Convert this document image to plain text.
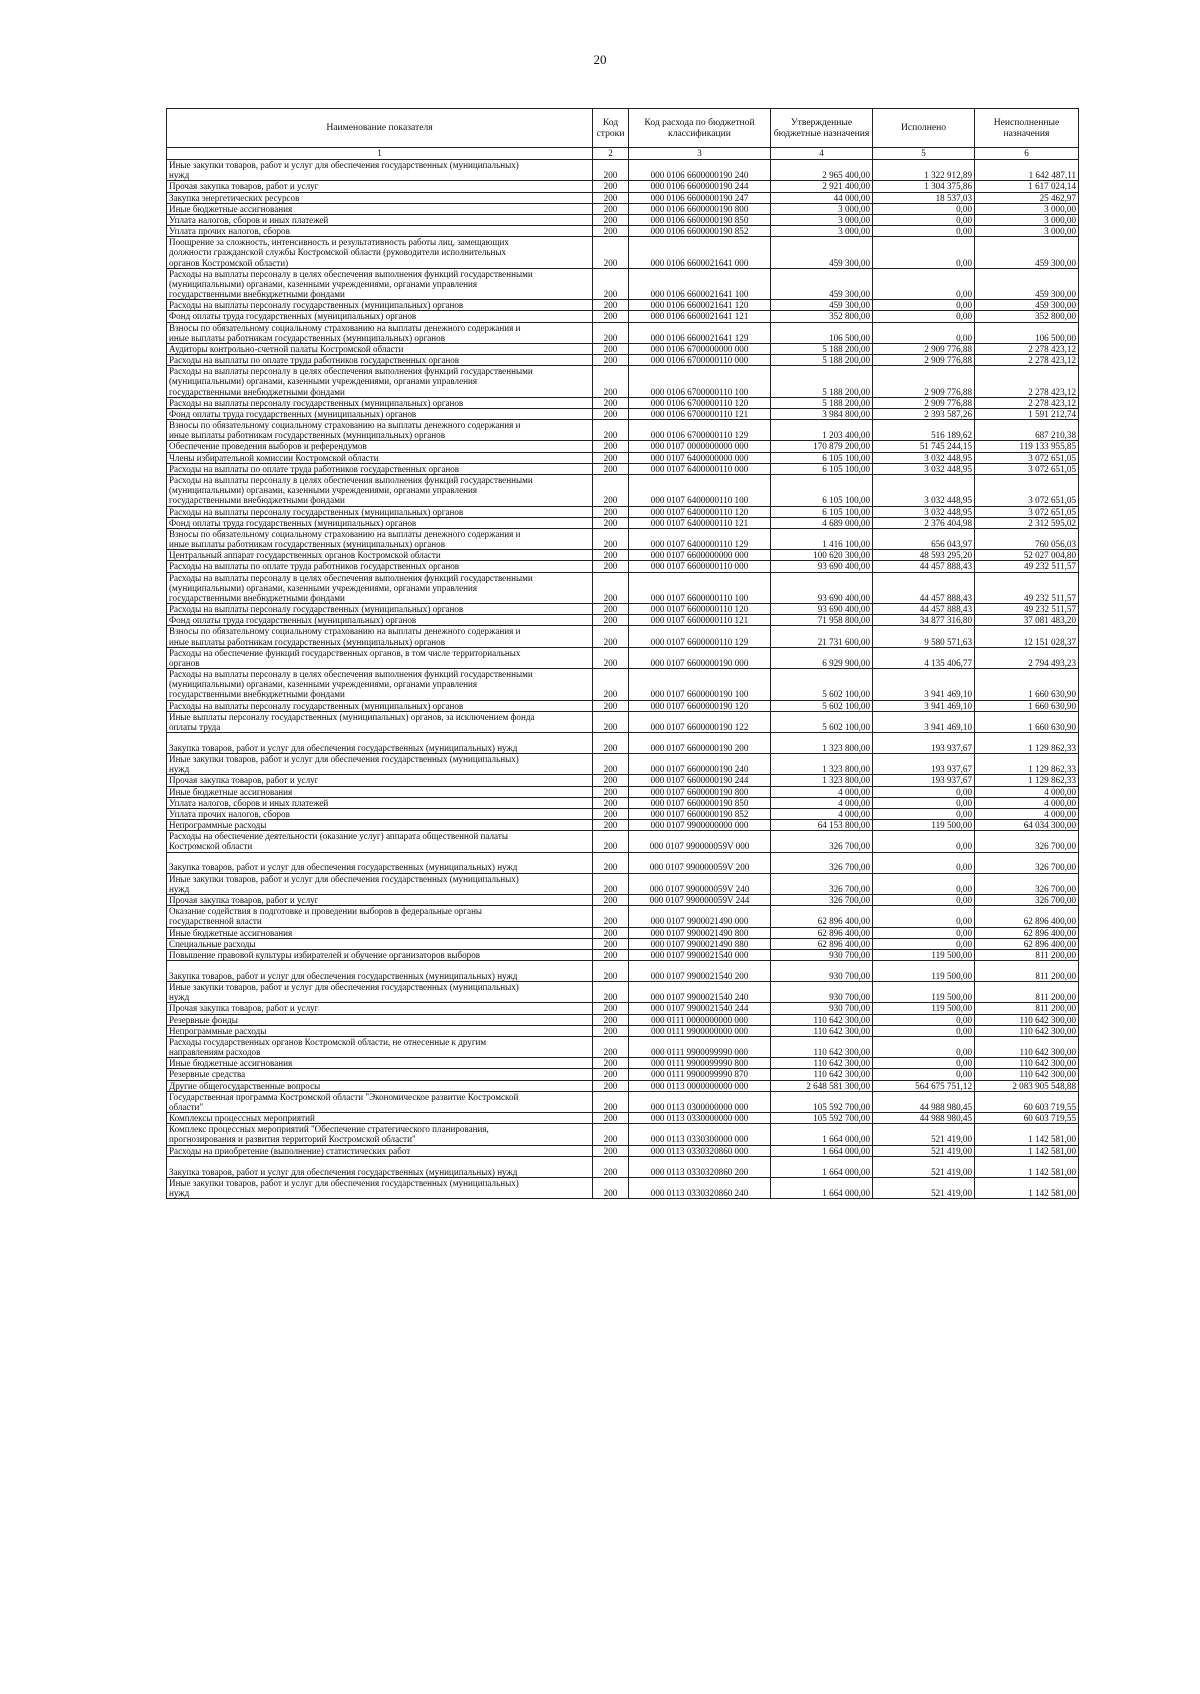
20
Наименование показателя	Код строки	Код расхода по бюджетной классификации	Утвержденные бюджетные назначения	Исполнено	Неисполненные назначения
1	2	3	4	5	6
Иные закупки товаров, работ и услуг для обеспечения государственных (муниципальных)
нужд	200	000 0106 6600000190 240	2 965 400,00	1 322 912,89	1 642 487,11
Прочая закупка товаров, работ и услуг	200	000 0106 6600000190 244	2 921 400,00	1 304 375,86	1 617 024,14
Закупка энергетических ресурсов	200	000 0106 6600000190 247	44 000,00	18 537,03	25 462,97
Иные бюджетные ассигнования	200	000 0106 6600000190 800	3 000,00	0,00	3 000,00
Уплата налогов, сборов и иных платежей	200	000 0106 6600000190 850	3 000,00	0,00	3 000,00
Уплата прочих налогов, сборов	200	000 0106 6600000190 852	3 000,00	0,00	3 000,00
Поощрение за сложность, интенсивность и результативность работы лиц, замещающих
должности гражданской службы Костромской области (руководители исполнительных
органов Костромской области)	200	000 0106 6600021641 000	459 300,00	0,00	459 300,00
Расходы на выплаты персоналу в целях обеспечения выполнения функций государственными
(муниципальными) органами, казенными учреждениями, органами управления
государственными внебюджетными фондами	200	000 0106 6600021641 100	459 300,00	0,00	459 300,00
Расходы на выплаты персоналу государственных (муниципальных) органов	200	000 0106 6600021641 120	459 300,00	0,00	459 300,00
Фонд оплаты труда государственных (муниципальных) органов	200	000 0106 6600021641 121	352 800,00	0,00	352 800,00
Взносы по обязательному социальному страхованию на выплаты денежного содержания и
иные выплаты работникам государственных (муниципальных) органов	200	000 0106 6600021641 129	106 500,00	0,00	106 500,00
Аудиторы контрольно-счетной палаты Костромской области	200	000 0106 6700000000 000	5 188 200,00	2 909 776,88	2 278 423,12
Расходы на выплаты по оплате труда работников государственных органов	200	000 0106 6700000110 000	5 188 200,00	2 909 776,88	2 278 423,12
Расходы на выплаты персоналу в целях обеспечения выполнения функций государственными
(муниципальными) органами, казенными учреждениями, органами управления
государственными внебюджетными фондами	200	000 0106 6700000110 100	5 188 200,00	2 909 776,88	2 278 423,12
Расходы на выплаты персоналу государственных (муниципальных) органов	200	000 0106 6700000110 120	5 188 200,00	2 909 776,88	2 278 423,12
Фонд оплаты труда государственных (муниципальных) органов	200	000 0106 6700000110 121	3 984 800,00	2 393 587,26	1 591 212,74
Взносы по обязательному социальному страхованию на выплаты денежного содержания и
иные выплаты работникам государственных (муниципальных) органов	200	000 0106 6700000110 129	1 203 400,00	516 189,62	687 210,38
Обеспечение проведения выборов и референдумов	200	000 0107 0000000000 000	170 879 200,00	51 745 244,15	119 133 955,85
Члены избирательной комиссии Костромской области	200	000 0107 6400000000 000	6 105 100,00	3 032 448,95	3 072 651,05
Расходы на выплаты по оплате труда работников государственных органов	200	000 0107 6400000110 000	6 105 100,00	3 032 448,95	3 072 651,05
Расходы на выплаты персоналу в целях обеспечения выполнения функций государственными
(муниципальными) органами, казенными учреждениями, органами управления
государственными внебюджетными фондами	200	000 0107 6400000110 100	6 105 100,00	3 032 448,95	3 072 651,05
Расходы на выплаты персоналу государственных (муниципальных) органов	200	000 0107 6400000110 120	6 105 100,00	3 032 448,95	3 072 651,05
Фонд оплаты труда государственных (муниципальных) органов	200	000 0107 6400000110 121	4 689 000,00	2 376 404,98	2 312 595,02
Взносы по обязательному социальному страхованию на выплаты денежного содержания и
иные выплаты работникам государственных (муниципальных) органов	200	000 0107 6400000110 129	1 416 100,00	656 043,97	760 056,03
Центральный аппарат государственных органов Костромской области	200	000 0107 6600000000 000	100 620 300,00	48 593 295,20	52 027 004,80
Расходы на выплаты по оплате труда работников государственных органов	200	000 0107 6600000110 000	93 690 400,00	44 457 888,43	49 232 511,57
Расходы на выплаты персоналу в целях обеспечения выполнения функций государственными
(муниципальными) органами, казенными учреждениями, органами управления
государственными внебюджетными фондами	200	000 0107 6600000110 100	93 690 400,00	44 457 888,43	49 232 511,57
Расходы на выплаты персоналу государственных (муниципальных) органов	200	000 0107 6600000110 120	93 690 400,00	44 457 888,43	49 232 511,57
Фонд оплаты труда государственных (муниципальных) органов	200	000 0107 6600000110 121	71 958 800,00	34 877 316,80	37 081 483,20
Взносы по обязательному социальному страхованию на выплаты денежного содержания и
иные выплаты работникам государственных (муниципальных) органов	200	000 0107 6600000110 129	21 731 600,00	9 580 571,63	12 151 028,37
Расходы на обеспечение функций государственных органов, в том числе территориальных
органов	200	000 0107 6600000190 000	6 929 900,00	4 135 406,77	2 794 493,23
Расходы на выплаты персоналу в целях обеспечения выполнения функций государственными
(муниципальными) органами, казенными учреждениями, органами управления
государственными внебюджетными фондами	200	000 0107 6600000190 100	5 602 100,00	3 941 469,10	1 660 630,90
Расходы на выплаты персоналу государственных (муниципальных) органов	200	000 0107 6600000190 120	5 602 100,00	3 941 469,10	1 660 630,90
Иные выплаты персоналу государственных (муниципальных) органов, за исключением фонда
оплаты труда	200	000 0107 6600000190 122	5 602 100,00	3 941 469,10	1 660 630,90
Закупка товаров, работ и услуг для обеспечения государственных (муниципальных) нужд	200	000 0107 6600000190 200	1 323 800,00	193 937,67	1 129 862,33
Иные закупки товаров, работ и услуг для обеспечения государственных (муниципальных)
нужд	200	000 0107 6600000190 240	1 323 800,00	193 937,67	1 129 862,33
Прочая закупка товаров, работ и услуг	200	000 0107 6600000190 244	1 323 800,00	193 937,67	1 129 862,33
Иные бюджетные ассигнования	200	000 0107 6600000190 800	4 000,00	0,00	4 000,00
Уплата налогов, сборов и иных платежей	200	000 0107 6600000190 850	4 000,00	0,00	4 000,00
Уплата прочих налогов, сборов	200	000 0107 6600000190 852	4 000,00	0,00	4 000,00
Непрограммные расходы	200	000 0107 9900000000 000	64 153 800,00	119 500,00	64 034 300,00
Расходы на обеспечение деятельности (оказание услуг) аппарата общественной палаты
Костромской области	200	000 0107 990000059V 000	326 700,00	0,00	326 700,00
Закупка товаров, работ и услуг для обеспечения государственных (муниципальных) нужд	200	000 0107 990000059V 200	326 700,00	0,00	326 700,00
Иные закупки товаров, работ и услуг для обеспечения государственных (муниципальных)
нужд	200	000 0107 990000059V 240	326 700,00	0,00	326 700,00
Прочая закупка товаров, работ и услуг	200	000 0107 990000059V 244	326 700,00	0,00	326 700,00
Оказание содействия в подготовке и проведении выборов в федеральные органы
государственной власти	200	000 0107 9900021490 000	62 896 400,00	0,00	62 896 400,00
Иные бюджетные ассигнования	200	000 0107 9900021490 800	62 896 400,00	0,00	62 896 400,00
Специальные расходы	200	000 0107 9900021490 880	62 896 400,00	0,00	62 896 400,00
Повышение правовой культуры избирателей и обучение организаторов выборов	200	000 0107 9900021540 000	930 700,00	119 500,00	811 200,00
Закупка товаров, работ и услуг для обеспечения государственных (муниципальных) нужд	200	000 0107 9900021540 200	930 700,00	119 500,00	811 200,00
Иные закупки товаров, работ и услуг для обеспечения государственных (муниципальных)
нужд	200	000 0107 9900021540 240	930 700,00	119 500,00	811 200,00
Прочая закупка товаров, работ и услуг	200	000 0107 9900021540 244	930 700,00	119 500,00	811 200,00
Резервные фонды	200	000 0111 0000000000 000	110 642 300,00	0,00	110 642 300,00
Непрограммные расходы	200	000 0111 9900000000 000	110 642 300,00	0,00	110 642 300,00
Расходы государственных органов Костромской области, не отнесенные к другим
направлениям расходов	200	000 0111 9900099990 000	110 642 300,00	0,00	110 642 300,00
Иные бюджетные ассигнования	200	000 0111 9900099990 800	110 642 300,00	0,00	110 642 300,00
Резервные средства	200	000 0111 9900099990 870	110 642 300,00	0,00	110 642 300,00
Другие общегосударственные вопросы	200	000 0113 0000000000 000	2 648 581 300,00	564 675 751,12	2 083 905 548,88
Государственная программа Костромской области "Экономическое развитие Костромской
области"	200	000 0113 0300000000 000	105 592 700,00	44 988 980,45	60 603 719,55
Комплексы процессных мероприятий	200	000 0113 0330000000 000	105 592 700,00	44 988 980,45	60 603 719,55
Комплекс процессных мероприятий "Обеспечение стратегического планирования,
прогнозирования и развития территорий Костромской области"	200	000 0113 0330300000 000	1 664 000,00	521 419,00	1 142 581,00
Расходы на приобретение (выполнение) статистических работ	200	000 0113 0330320860 000	1 664 000,00	521 419,00	1 142 581,00
Закупка товаров, работ и услуг для обеспечения государственных (муниципальных) нужд	200	000 0113 0330320860 200	1 664 000,00	521 419,00	1 142 581,00
Иные закупки товаров, работ и услуг для обеспечения государственных (муниципальных)
нужд	200	000 0113 0330320860 240	1 664 000,00	521 419,00	1 142 581,00
